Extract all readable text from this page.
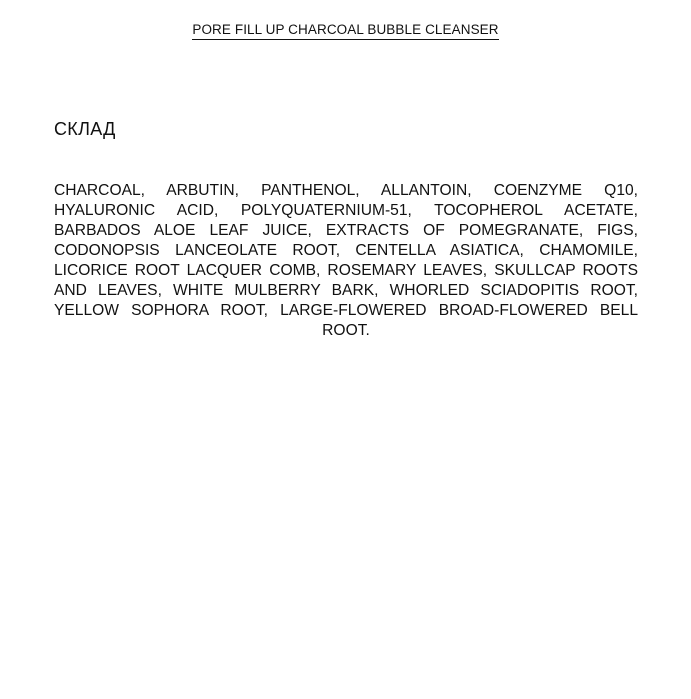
PORE FILL UP CHARCOAL BUBBLE CLEANSER
СКЛАД

CHARCOAL, ARBUTIN, PANTHENOL, ALLANTOIN, COENZYME Q10, HYALURONIC ACID, POLYQUATERNIUM-51, TOCOPHEROL ACETATE, BARBADOS ALOE LEAF JUICE, EXTRACTS OF POMEGRANATE, FIGS, CODONOPSIS LANCEOLATE ROOT, CENTELLA ASIATICA, CHAMOMILE, LICORICE ROOT LACQUER COMB, ROSEMARY LEAVES, SKULLCAP ROOTS AND LEAVES, WHITE MULBERRY BARK, WHORLED SCIADOPITIS ROOT, YELLOW SOPHORA ROOT, LARGE-FLOWERED BROAD-FLOWERED BELL ROOT.
